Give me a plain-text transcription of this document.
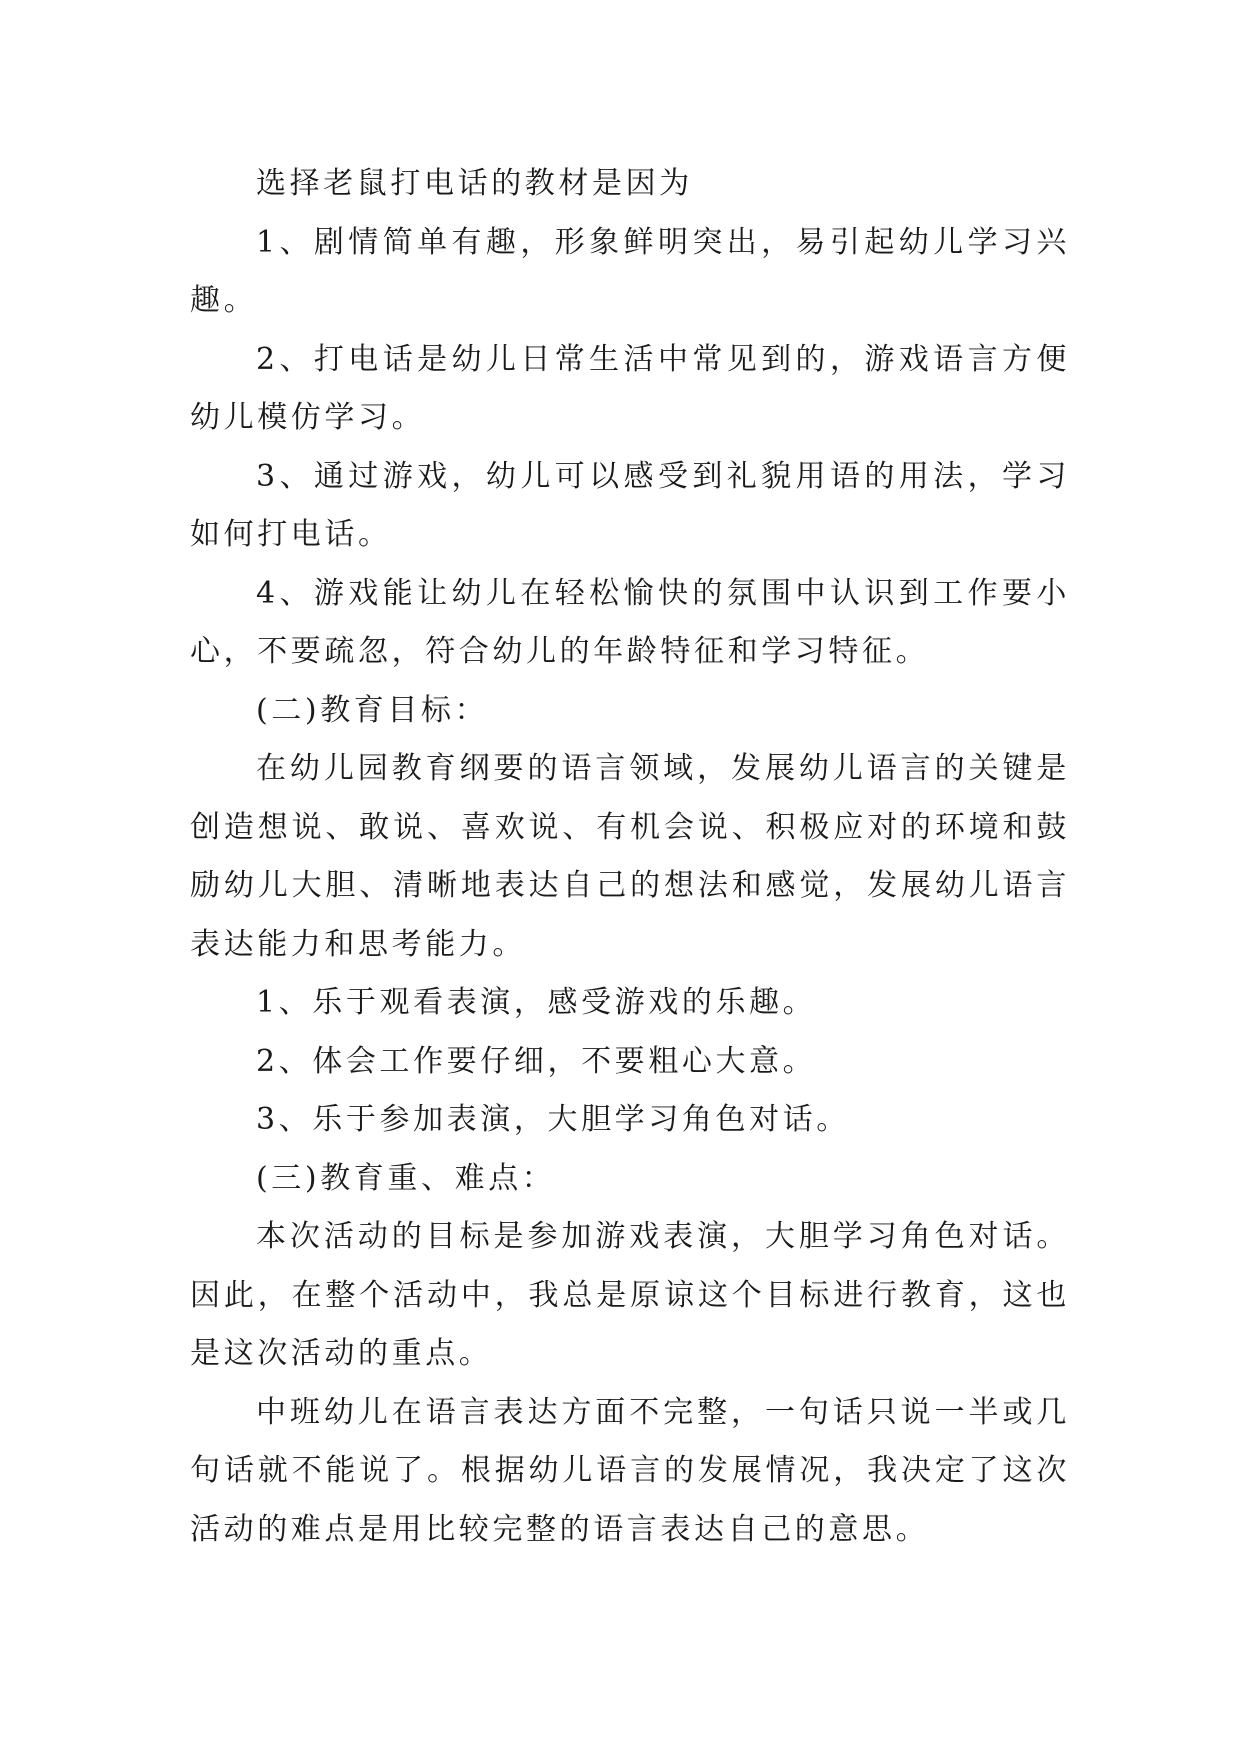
选择老鼠打电话的教材是因为

1、剧情简单有趣，形象鲜明突出，易引起幼儿学习兴趣。

2、打电话是幼儿日常生活中常见到的，游戏语言方便幼儿模仿学习。

3、通过游戏，幼儿可以感受到礼貌用语的用法，学习如何打电话。

4、游戏能让幼儿在轻松愉快的氛围中认识到工作要小心，不要疏忽，符合幼儿的年龄特征和学习特征。

(二)教育目标：

在幼儿园教育纲要的语言领域，发展幼儿语言的关键是创造想说、敢说、喜欢说、有机会说、积极应对的环境和鼓励幼儿大胆、清晰地表达自己的想法和感觉，发展幼儿语言表达能力和思考能力。

1、乐于观看表演，感受游戏的乐趣。

2、体会工作要仔细，不要粗心大意。

3、乐于参加表演，大胆学习角色对话。

(三)教育重、难点：

本次活动的目标是参加游戏表演，大胆学习角色对话。因此，在整个活动中，我总是原谅这个目标进行教育，这也是这次活动的重点。

中班幼儿在语言表达方面不完整，一句话只说一半或几句话就不能说了。根据幼儿语言的发展情况，我决定了这次活动的难点是用比较完整的语言表达自己的意思。
